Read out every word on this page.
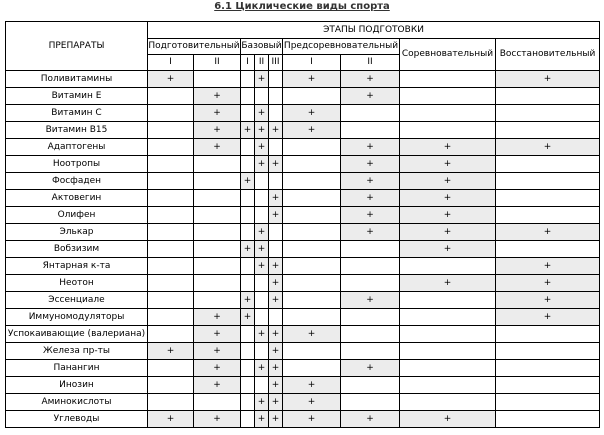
6.1 Циклические виды спорта
ПРЕПАРАТЫ	ЭТАПЫ ПОДГОТОВКИ								
	Подготовительный		Базовый			Предсоревновательный		Соревновательный	Восстановительный
	I	II	I	II	III	I	II		
Поливитамины	+			+		+	+		+
Витамин Е		+					+		
Витамин С		+		+		+			
Витамин В15		+	+	+	+	+			
Адаптогены		+		+			+	+	+
Ноотропы				+	+		+	+	
Фосфаден			+				+	+	
Актовегин					+		+	+	
Олифен					+		+	+	
Элькар				+			+	+	+
Вобзизим			+	+				+	
Янтарная к-та				+	+				+
Неотон					+			+	+
Эссенциале			+		+		+		+
Иммуномодуляторы		+	+						+
Успокаивающие (валериана)		+		+	+	+			
Железа пр-ты	+	+			+				
Панангин		+		+	+		+		
Инозин		+			+	+			
Аминокислоты				+	+	+			
Углеводы	+	+		+	+	+	+	+	
